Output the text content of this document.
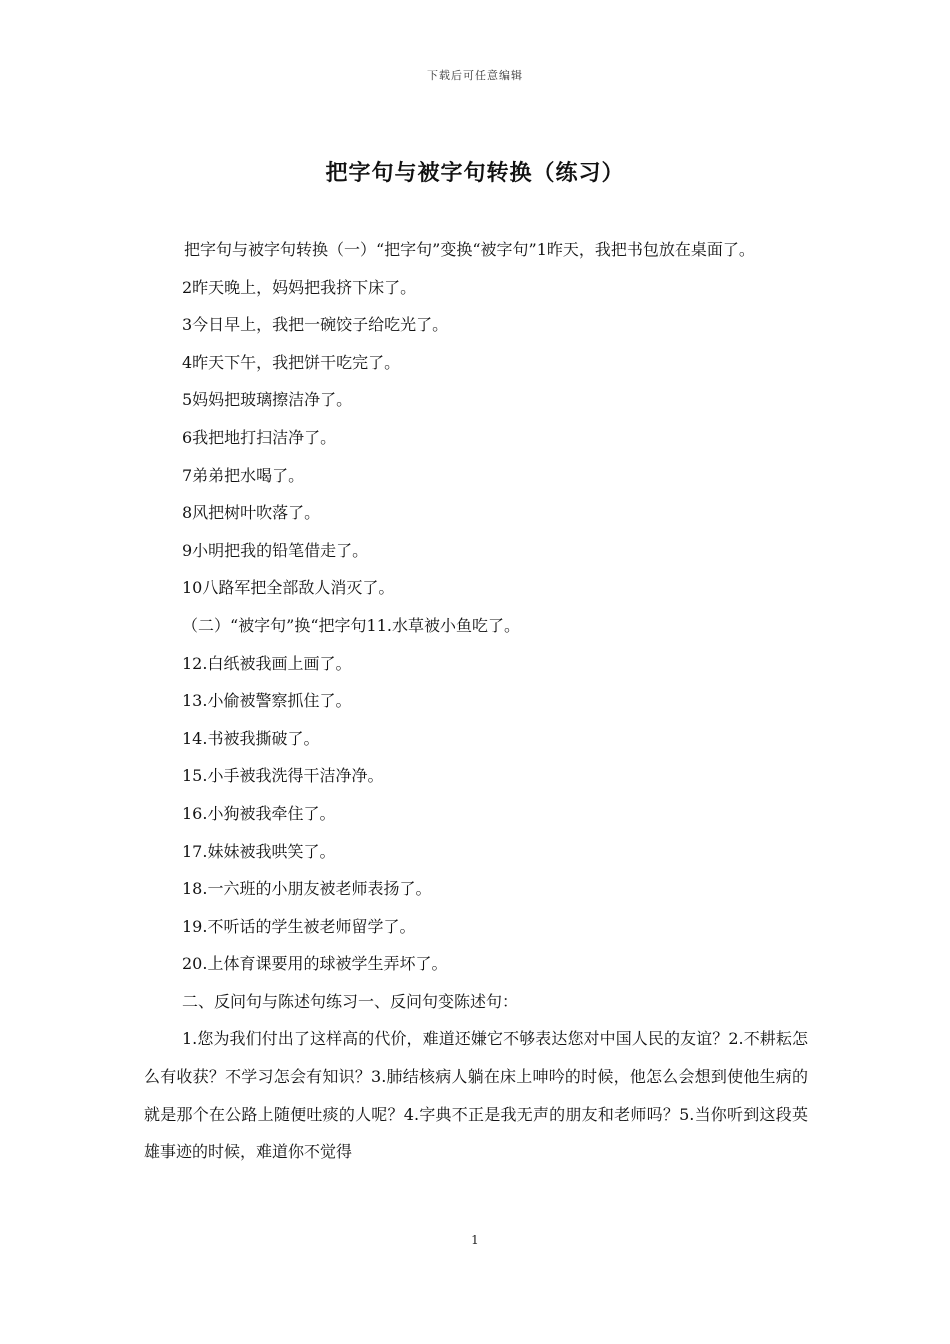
下载后可任意编辑
把字句与被字句转换（练习）

把字句与被字句转换（一）“把字句”变换“被字句”1昨天，我把书包放在桌面了。

2昨天晚上，妈妈把我挤下床了。

3今日早上，我把一碗饺子给吃光了。

4昨天下午，我把饼干吃完了。

5妈妈把玻璃擦洁净了。

6我把地打扫洁净了。

7弟弟把水喝了。

8风把树叶吹落了。

9小明把我的铅笔借走了。

10八路军把全部敌人消灭了。

（二）“被字句”换“把字句11.水草被小鱼吃了。

12.白纸被我画上画了。

13.小偷被警察抓住了。

14.书被我撕破了。

15.小手被我洗得干洁净净。

16.小狗被我牵住了。

17.妹妹被我哄笑了。

18.一六班的小朋友被老师表扬了。

19.不听话的学生被老师留学了。

20.上体育课要用的球被学生弄坏了。

二、反问句与陈述句练习一、反问句变陈述句：

1.您为我们付出了这样高的代价，难道还嫌它不够表达您对中国人民的友谊？2.不耕耘怎么有收获？不学习怎会有知识？3.肺结核病人躺在床上呻吟的时候，他怎么会想到使他生病的就是那个在公路上随便吐痰的人呢？4.字典不正是我无声的朋友和老师吗？5.当你听到这段英雄事迹的时候，难道你不觉得

1
